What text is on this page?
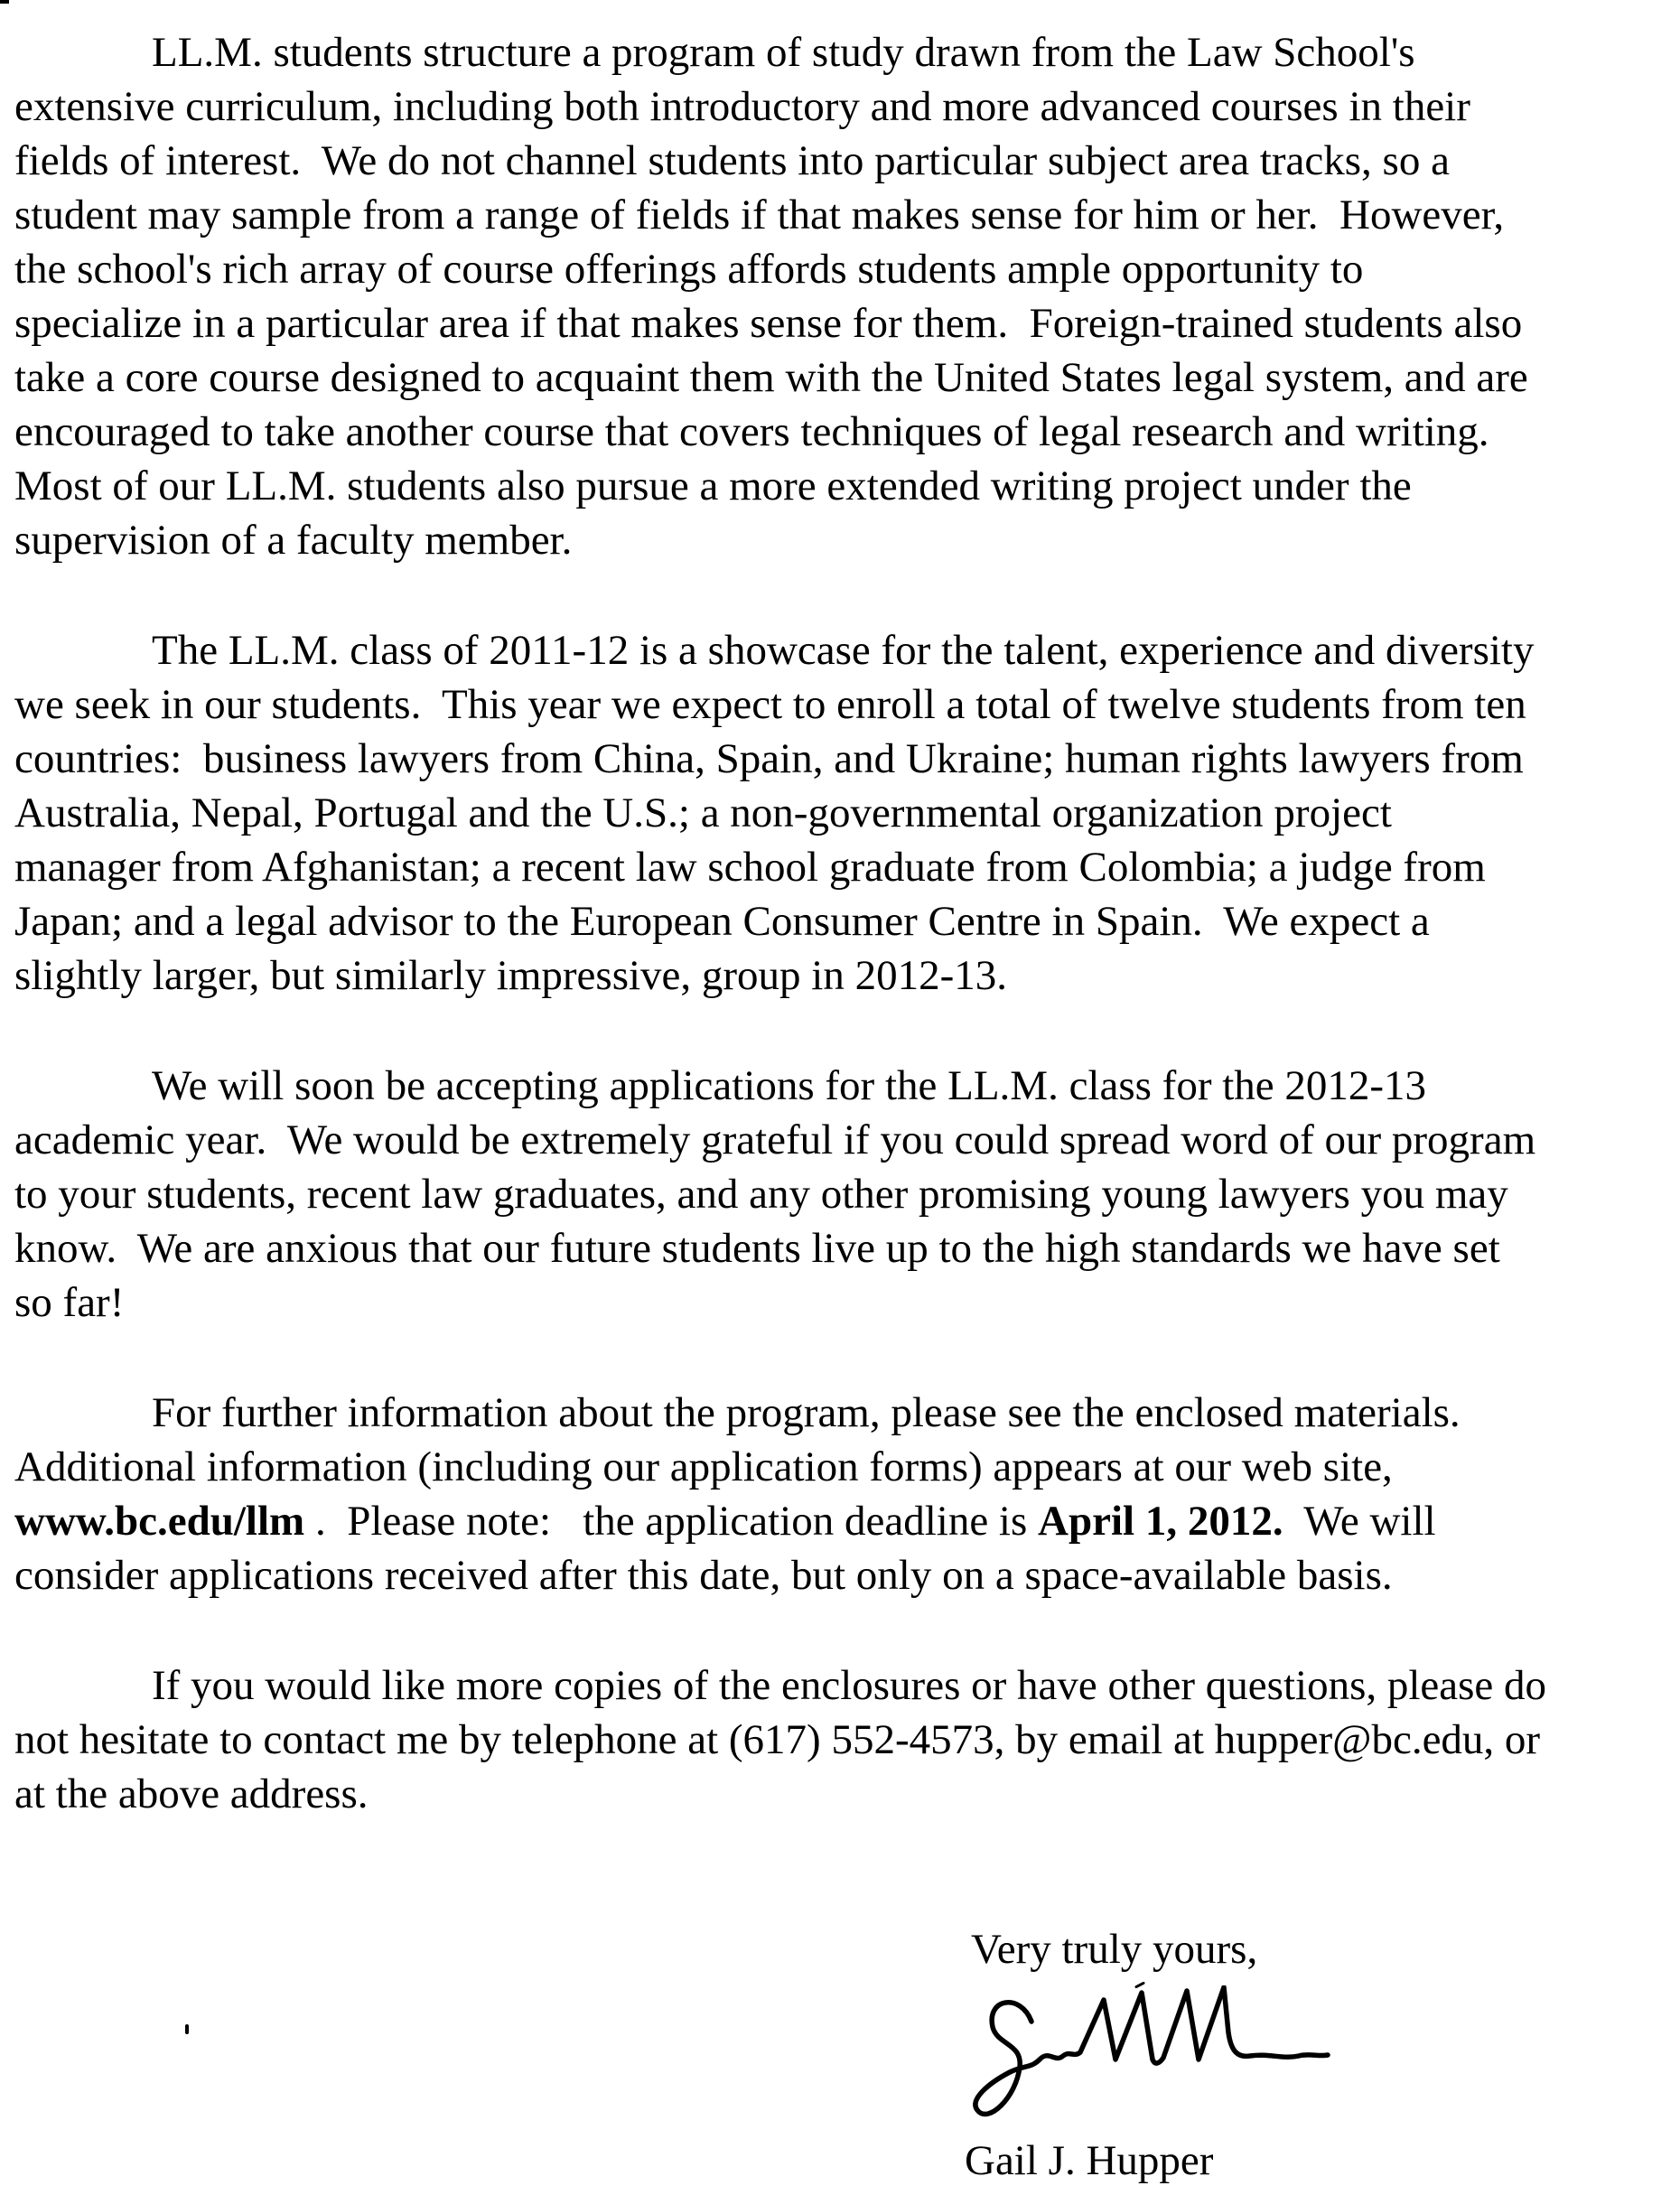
LL.M. students structure a program of study drawn from the Law School's
extensive curriculum, including both introductory and more advanced courses in their
fields of interest.  We do not channel students into particular subject area tracks, so a
student may sample from a range of fields if that makes sense for him or her.  However,
the school's rich array of course offerings affords students ample opportunity to
specialize in a particular area if that makes sense for them.  Foreign-trained students also
take a core course designed to acquaint them with the United States legal system, and are
encouraged to take another course that covers techniques of legal research and writing.
Most of our LL.M. students also pursue a more extended writing project under the
supervision of a faculty member.
The LL.M. class of 2011-12 is a showcase for the talent, experience and diversity
we seek in our students.  This year we expect to enroll a total of twelve students from ten
countries:  business lawyers from China, Spain, and Ukraine; human rights lawyers from
Australia, Nepal, Portugal and the U.S.; a non-governmental organization project
manager from Afghanistan; a recent law school graduate from Colombia; a judge from
Japan; and a legal advisor to the European Consumer Centre in Spain.  We expect a
slightly larger, but similarly impressive, group in 2012-13.
We will soon be accepting applications for the LL.M. class for the 2012-13
academic year.  We would be extremely grateful if you could spread word of our program
to your students, recent law graduates, and any other promising young lawyers you may
know.  We are anxious that our future students live up to the high standards we have set
so far!
For further information about the program, please see the enclosed materials.
Additional information (including our application forms) appears at our web site,
www.bc.edu/llm .  Please note:   the application deadline is April 1, 2012.  We will
consider applications received after this date, but only on a space-available basis.
If you would like more copies of the enclosures or have other questions, please do
not hesitate to contact me by telephone at (617) 552-4573, by email at hupper@bc.edu, or
at the above address.
Very truly yours,
Gail J. Hupper
